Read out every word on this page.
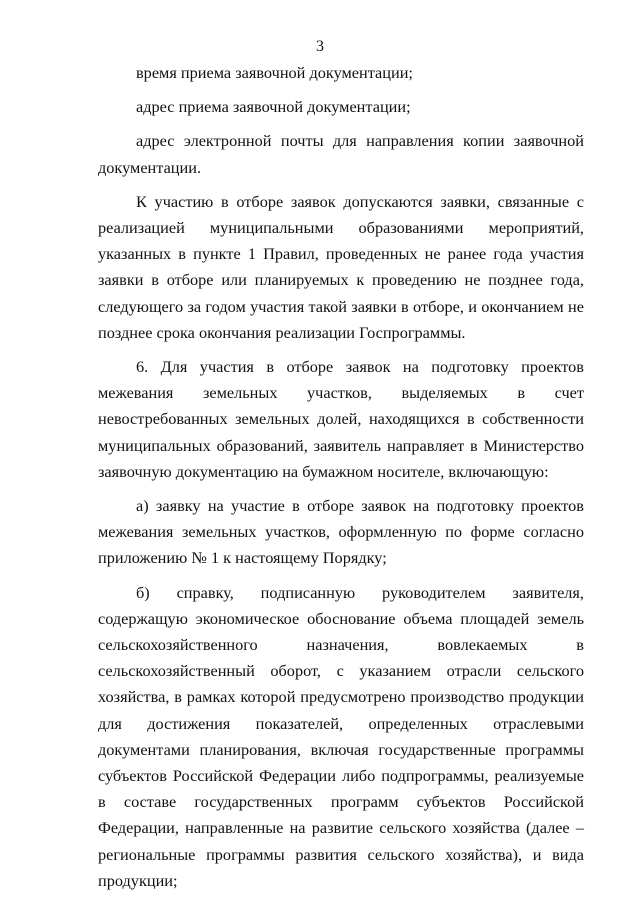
3

время приема заявочной документации;

адрес приема заявочной документации;

адрес электронной почты для направления копии заявочной документации.

К участию в отборе заявок допускаются заявки, связанные с реализацией муниципальными образованиями мероприятий, указанных в пункте 1 Правил, проведенных не ранее года участия заявки в отборе или планируемых к проведению не позднее года, следующего за годом участия такой заявки в отборе, и окончанием не позднее срока окончания реализации Госпрограммы.

6. Для участия в отборе заявок на подготовку проектов межевания земельных участков, выделяемых в счет невостребованных земельных долей, находящихся в собственности муниципальных образований, заявитель направляет в Министерство заявочную документацию на бумажном носителе, включающую:

а) заявку на участие в отборе заявок на подготовку проектов межевания земельных участков, оформленную по форме согласно приложению № 1 к настоящему Порядку;

б) справку, подписанную руководителем заявителя, содержащую экономическое обоснование объема площадей земель сельскохозяйственного назначения, вовлекаемых в сельскохозяйственный оборот, с указанием отрасли сельского хозяйства, в рамках которой предусмотрено производство продукции для достижения показателей, определенных отраслевыми документами планирования, включая государственные программы субъектов Российской Федерации либо подпрограммы, реализуемые в составе государственных программ субъектов Российской Федерации, направленные на развитие сельского хозяйства (далее – региональные программы развития сельского хозяйства), и вида продукции;
